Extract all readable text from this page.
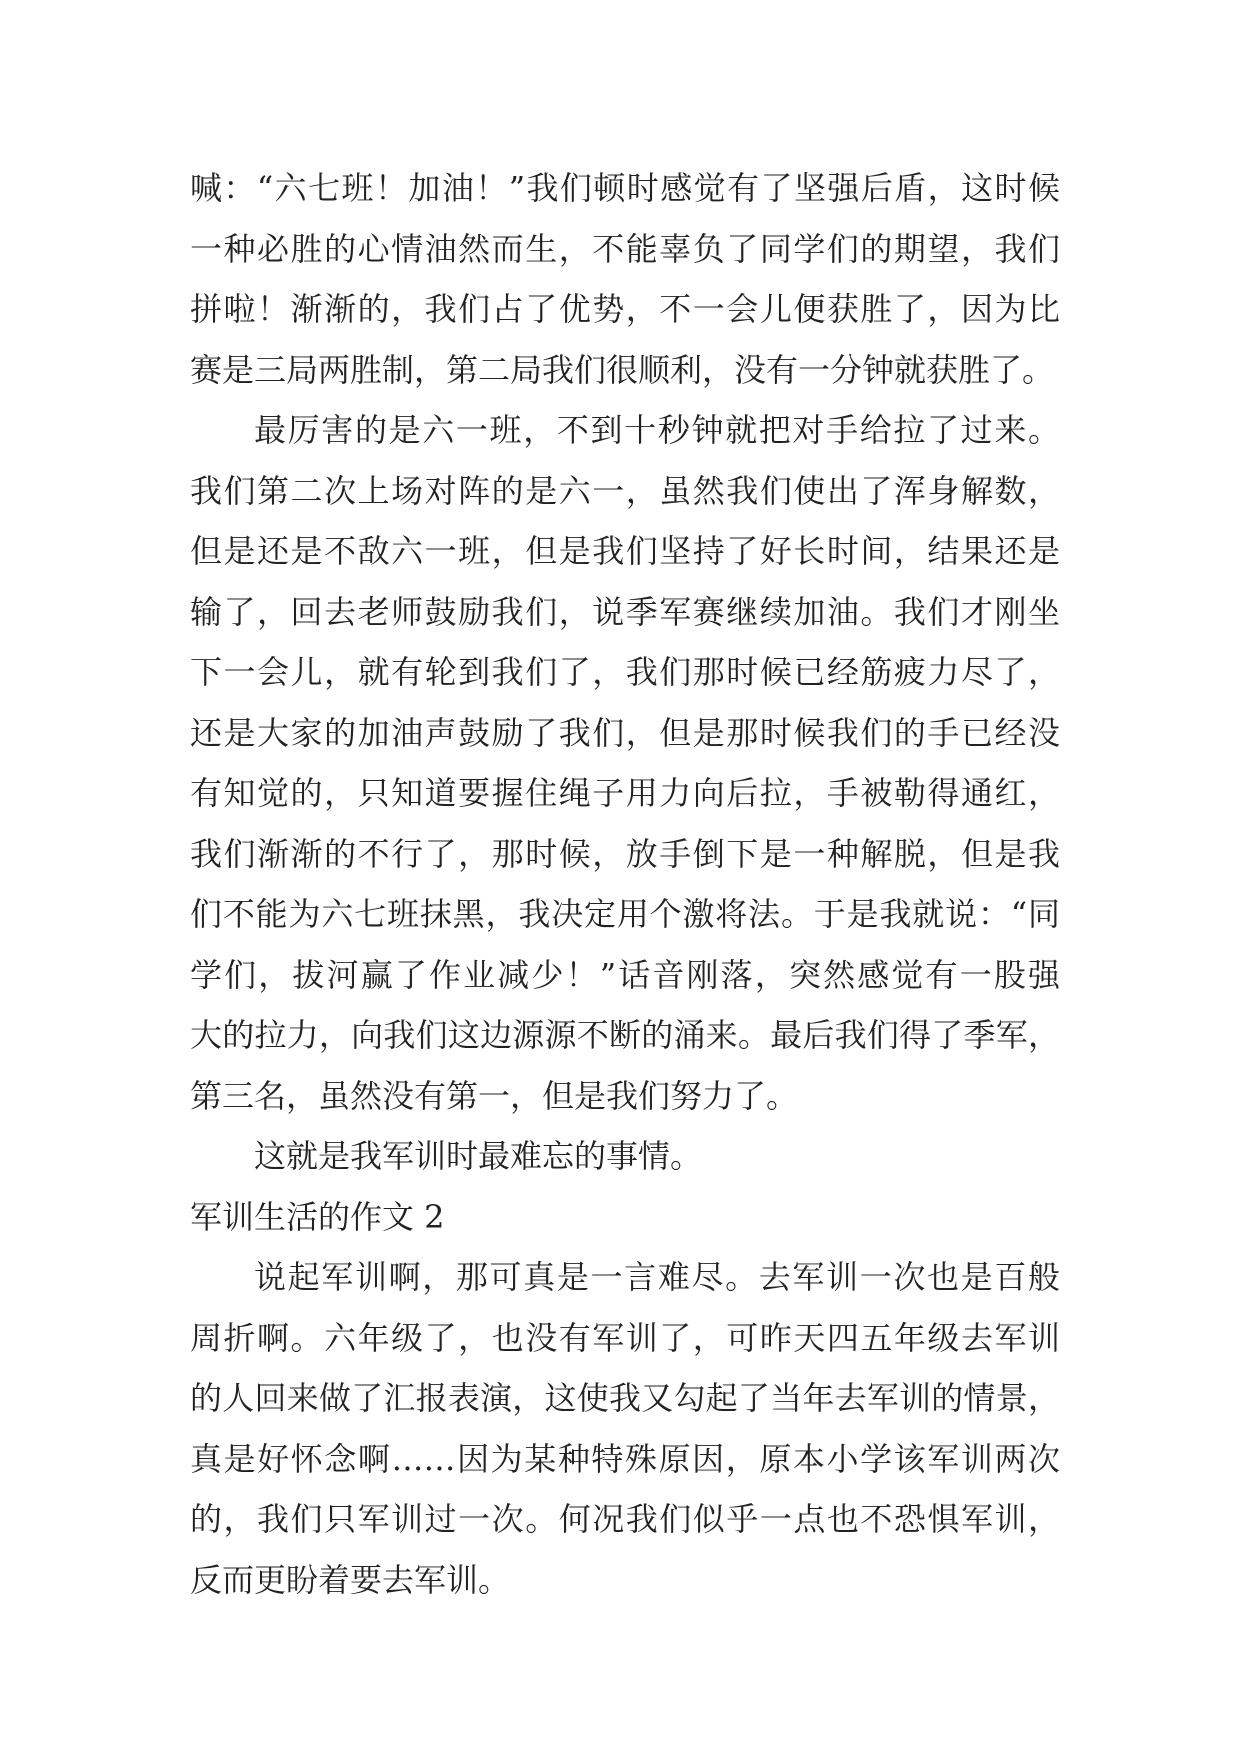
喊：“六七班！加油！”我们顿时感觉有了坚强后盾，这时候
一种必胜的心情油然而生，不能辜负了同学们的期望，我们
拼啦！渐渐的，我们占了优势，不一会儿便获胜了，因为比
赛是三局两胜制，第二局我们很顺利，没有一分钟就获胜了。
最厉害的是六一班，不到十秒钟就把对手给拉了过来。
我们第二次上场对阵的是六一，虽然我们使出了浑身解数，
但是还是不敌六一班，但是我们坚持了好长时间，结果还是
输了，回去老师鼓励我们，说季军赛继续加油。我们才刚坐
下一会儿，就有轮到我们了，我们那时候已经筋疲力尽了，
还是大家的加油声鼓励了我们，但是那时候我们的手已经没
有知觉的，只知道要握住绳子用力向后拉，手被勒得通红，
我们渐渐的不行了，那时候，放手倒下是一种解脱，但是我
们不能为六七班抹黑，我决定用个激将法。于是我就说：“同
学们，拔河赢了作业减少！”话音刚落，突然感觉有一股强
大的拉力，向我们这边源源不断的涌来。最后我们得了季军，
第三名，虽然没有第一，但是我们努力了。
这就是我军训时最难忘的事情。
军训生活的作文 2
说起军训啊，那可真是一言难尽。去军训一次也是百般
周折啊。六年级了，也没有军训了，可昨天四五年级去军训
的人回来做了汇报表演，这使我又勾起了当年去军训的情景，
真是好怀念啊……因为某种特殊原因，原本小学该军训两次
的，我们只军训过一次。何况我们似乎一点也不恐惧军训，
反而更盼着要去军训。
